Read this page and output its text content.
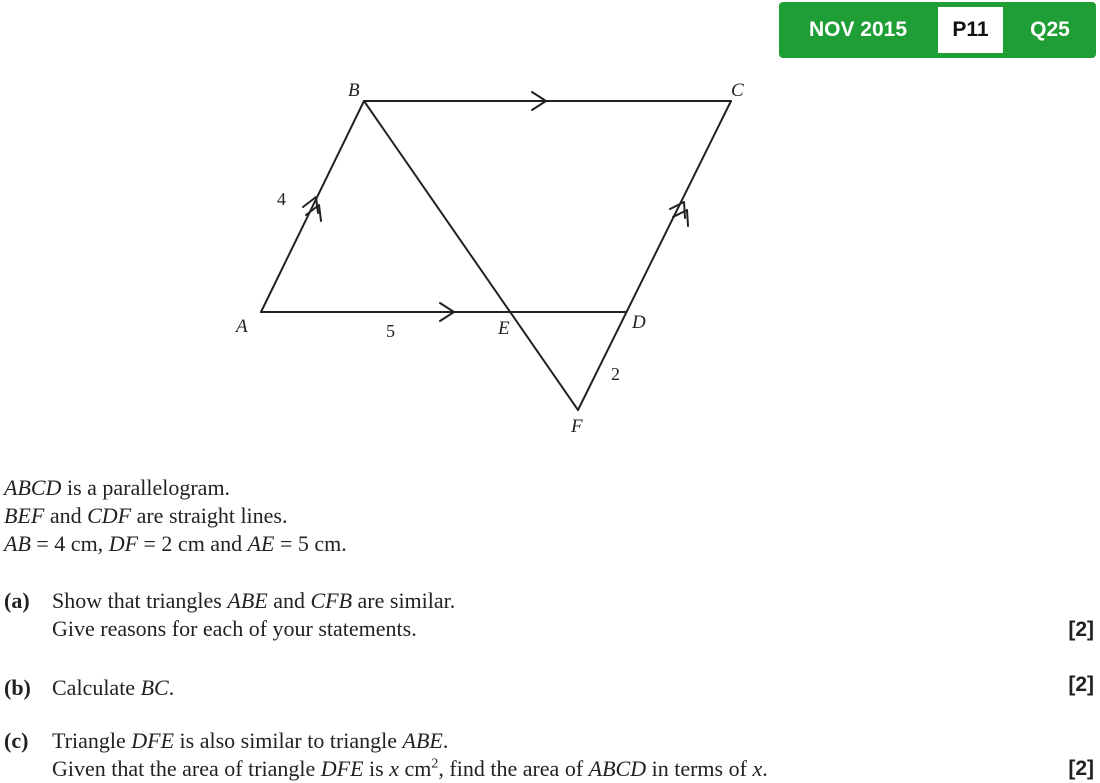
NOV 2015	P11	Q25
B	C
A	E	D
F
4
5
2
ABCD is a parallelogram.
BEF and CDF are straight lines.
AB = 4 cm, DF = 2 cm and AE = 5 cm.
(a) Show that triangles ABE and CFB are similar.
Give reasons for each of your statements.	[2]
(b) Calculate BC.	[2]
(c) Triangle DFE is also similar to triangle ABE.
Given that the area of triangle DFE is x $cm^2$, find the area of ABCD in terms of x.	[2]
